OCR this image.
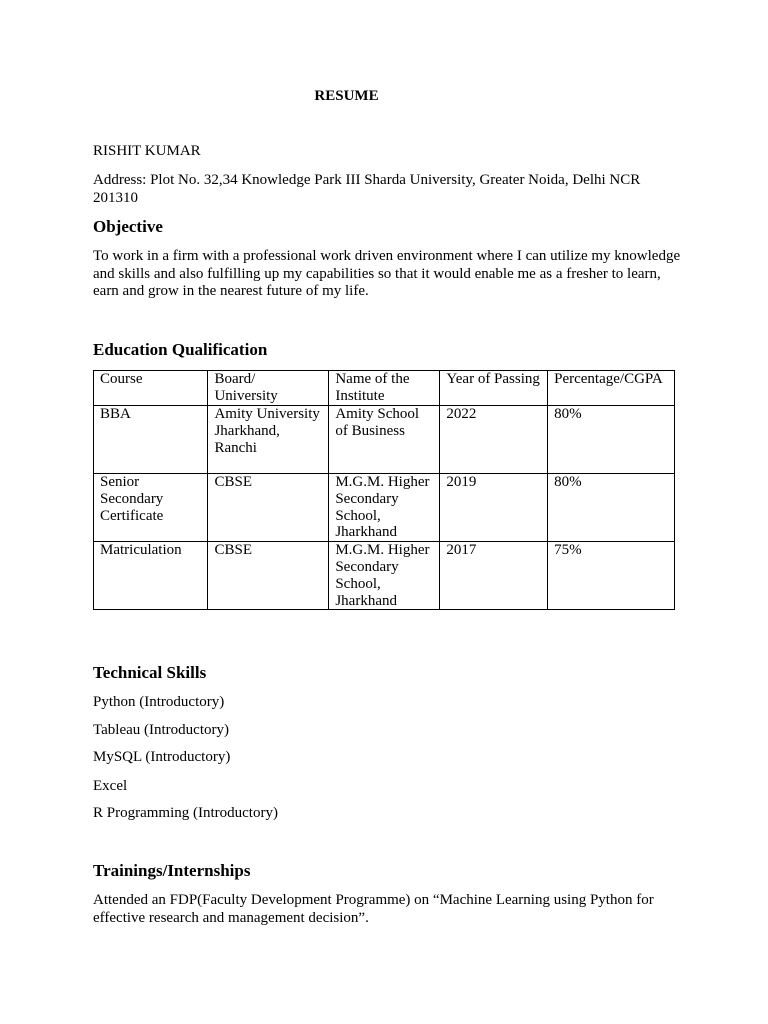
RESUME
RISHIT KUMAR
Address: Plot No. 32,34 Knowledge Park III Sharda University, Greater Noida, Delhi NCR 201310
Objective
To work in a firm with a professional work driven environment where I can utilize my knowledge and skills and also fulfilling up my capabilities so that it would enable me as a fresher to learn, earn and grow in the nearest future of my life.
Education Qualification
Course	Board/ University	Name of the Institute	Year of Passing	Percentage/CGPA
BBA	Amity University Jharkhand, Ranchi	Amity School of Business	2022	80%
Senior Secondary Certificate	CBSE	M.G.M. Higher Secondary School, Jharkhand	2019	80%
Matriculation	CBSE	M.G.M. Higher Secondary School, Jharkhand	2017	75%
Technical Skills
Python (Introductory)
Tableau (Introductory)
MySQL (Introductory)
Excel
R Programming (Introductory)
Trainings/Internships
Attended an FDP(Faculty Development Programme) on “Machine Learning using Python for effective research and management decision”.
